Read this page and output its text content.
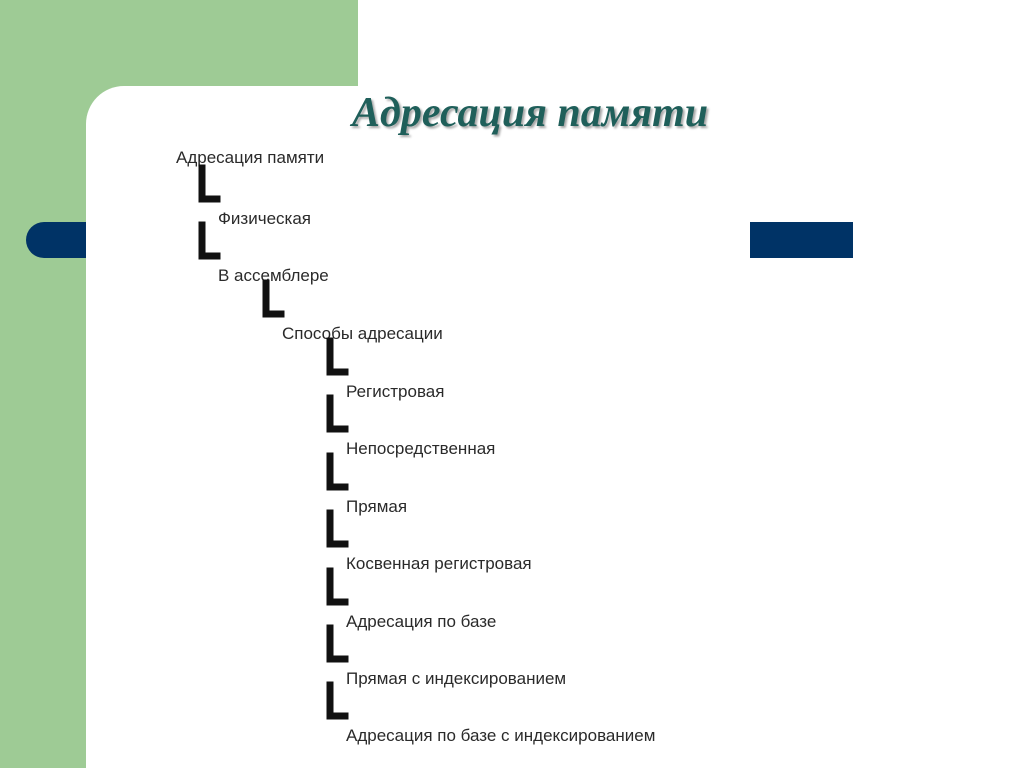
Адресация памяти
Адресация памяти
Физическая
В ассемблере
Способы адресации
Регистровая
Непосредственная
Прямая
Косвенная регистровая
Адресация по базе
Прямая с индексированием
Адресация по базе с индексированием
